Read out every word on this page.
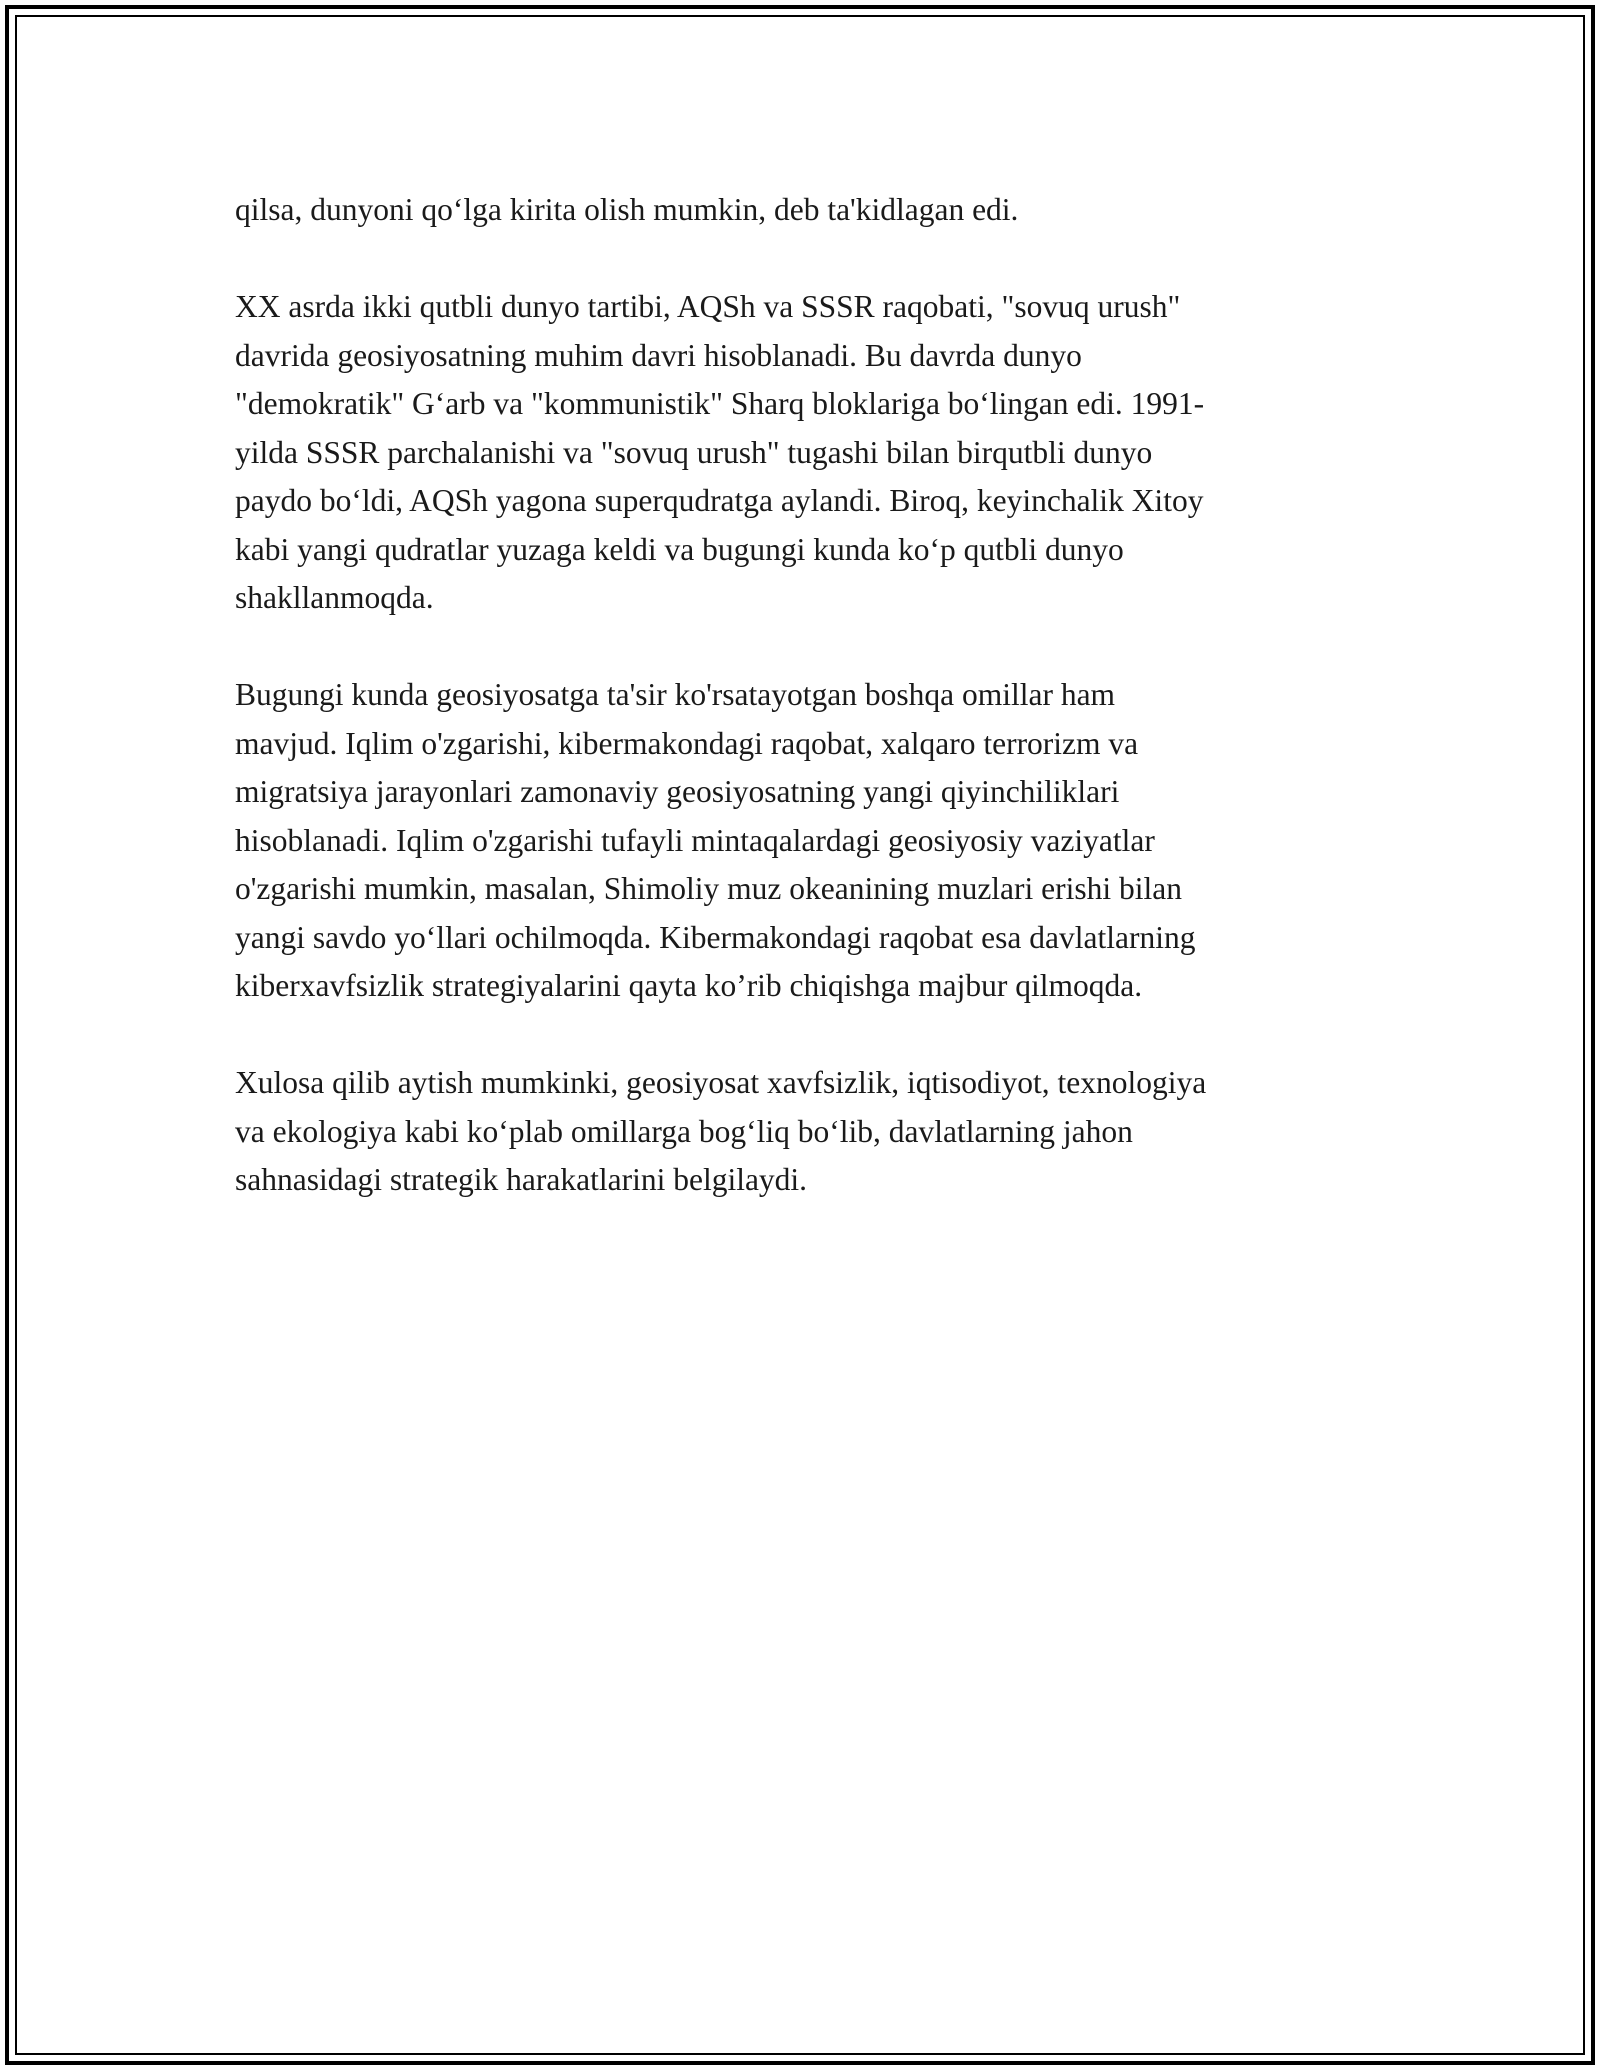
qilsa, dunyoni qo‘lga kirita olish mumkin, deb ta'kidlagan edi.

XX asrda ikki qutbli dunyo tartibi, AQSh va SSSR raqobati, "sovuq urush"
davrida geosiyosatning muhim davri hisoblanadi. Bu davrda dunyo
"demokratik" G‘arb va "kommunistik" Sharq bloklariga bo‘lingan edi. 1991-
yilda SSSR parchalanishi va "sovuq urush" tugashi bilan birqutbli dunyo
paydo bo‘ldi, AQSh yagona superqudratga aylandi. Biroq, keyinchalik Xitoy
kabi yangi qudratlar yuzaga keldi va bugungi kunda ko‘p qutbli dunyo
shakllanmoqda.

Bugungi kunda geosiyosatga ta'sir ko'rsatayotgan boshqa omillar ham
mavjud. Iqlim o'zgarishi, kibermakondagi raqobat, xalqaro terrorizm va
migratsiya jarayonlari zamonaviy geosiyosatning yangi qiyinchiliklari
hisoblanadi. Iqlim o'zgarishi tufayli mintaqalardagi geosiyosiy vaziyatlar
o'zgarishi mumkin, masalan, Shimoliy muz okeanining muzlari erishi bilan
yangi savdo yo‘llari ochilmoqda. Kibermakondagi raqobat esa davlatlarning
kiberxavfsizlik strategiyalarini qayta ko’rib chiqishga majbur qilmoqda.

Xulosa qilib aytish mumkinki, geosiyosat xavfsizlik, iqtisodiyot, texnologiya
va ekologiya kabi ko‘plab omillarga bog‘liq bo‘lib, davlatlarning jahon
sahnasidagi strategik harakatlarini belgilaydi.
